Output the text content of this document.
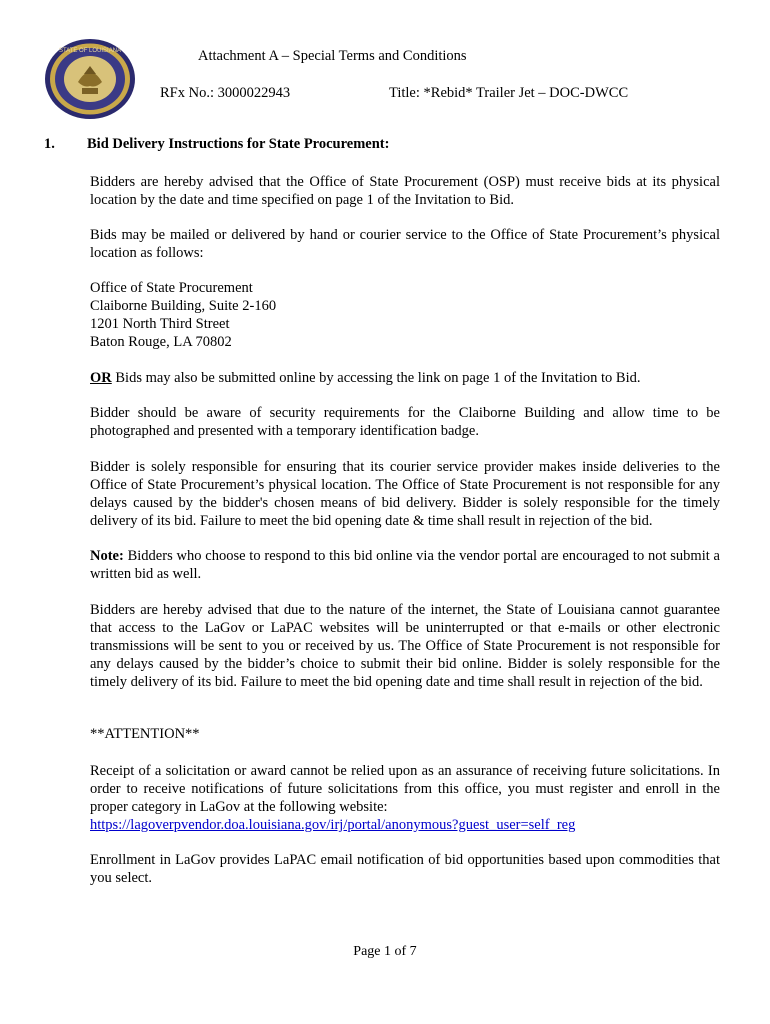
STATE OF LOUISIANA	Attachment A – Special Terms and Conditions
RFx No.: 3000022943	Title: *Rebid* Trailer Jet – DOC-DWCC
1. Bid Delivery Instructions for State Procurement:
Bidders are hereby advised that the Office of State Procurement (OSP) must receive bids at its physical location by the date and time specified on page 1 of the Invitation to Bid.
Bids may be mailed or delivered by hand or courier service to the Office of State Procurement’s physical location as follows:
Office of State Procurement
Claiborne Building, Suite 2-160
1201 North Third Street
Baton Rouge, LA 70802
OR Bids may also be submitted online by accessing the link on page 1 of the Invitation to Bid.
Bidder should be aware of security requirements for the Claiborne Building and allow time to be photographed and presented with a temporary identification badge.
Bidder is solely responsible for ensuring that its courier service provider makes inside deliveries to the Office of State Procurement’s physical location. The Office of State Procurement is not responsible for any delays caused by the bidder's chosen means of bid delivery. Bidder is solely responsible for the timely delivery of its bid. Failure to meet the bid opening date & time shall result in rejection of the bid.
Note: Bidders who choose to respond to this bid online via the vendor portal are encouraged to not submit a written bid as well.
Bidders are hereby advised that due to the nature of the internet, the State of Louisiana cannot guarantee that access to the LaGov or LaPAC websites will be uninterrupted or that e-mails or other electronic transmissions will be sent to you or received by us. The Office of State Procurement is not responsible for any delays caused by the bidder’s choice to submit their bid online. Bidder is solely responsible for the timely delivery of its bid. Failure to meet the bid opening date and time shall result in rejection of the bid.
**ATTENTION**
Receipt of a solicitation or award cannot be relied upon as an assurance of receiving future solicitations. In order to receive notifications of future solicitations from this office, you must register and enroll in the proper category in LaGov at the following website:
https://lagoverpvendor.doa.louisiana.gov/irj/portal/anonymous?guest_user=self_reg
Enrollment in LaGov provides LaPAC email notification of bid opportunities based upon commodities that you select.
Page 1 of 7
